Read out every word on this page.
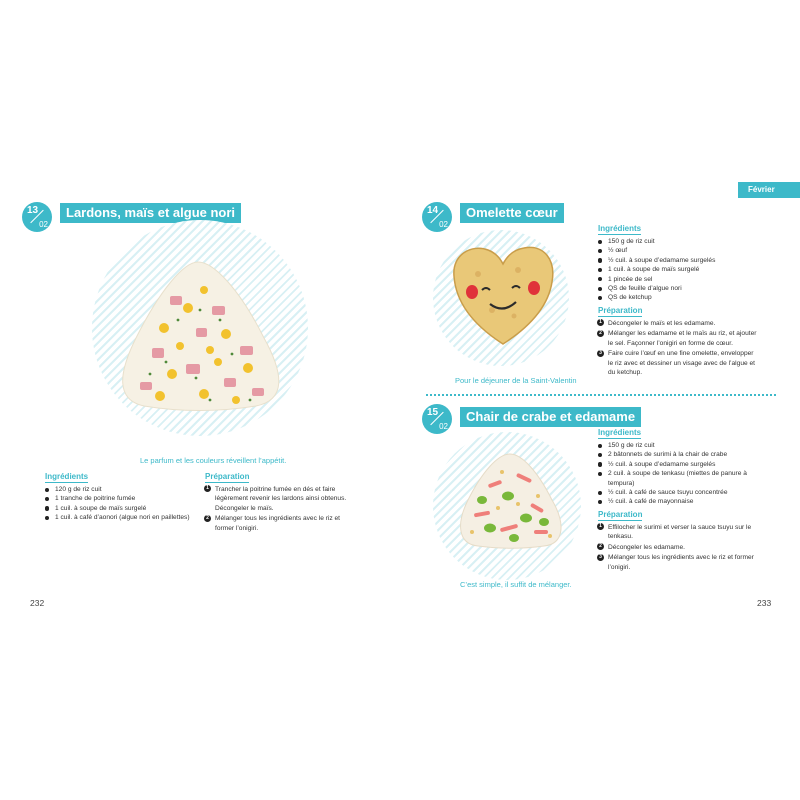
13
02
Lardons, maïs et algue nori
Le parfum et les couleurs réveillent l’appétit.
Ingrédients
120 g de riz cuit
1 tranche de poitrine fumée
1 cuil. à soupe de maïs surgelé
1 cuil. à café d’aonori (algue nori en paillettes)
Préparation
1 Trancher la poitrine fumée en dés et faire légèrement revenir les lardons ainsi obtenus. Décongeler le maïs.
2 Mélanger tous les ingrédients avec le riz et former l’onigiri.
232
Février
14
02
Omelette cœur
Pour le déjeuner de la Saint-Valentin
Ingrédients
150 g de riz cuit
½ œuf
½ cuil. à soupe d’edamame surgelés
1 cuil. à soupe de maïs surgelé
1 pincée de sel
QS de feuille d’algue nori
QS de ketchup
Préparation
1 Décongeler le maïs et les edamame.
2 Mélanger les edamame et le maïs au riz, et ajouter le sel. Façonner l’onigiri en forme de cœur.
3 Faire cuire l’œuf en une fine omelette, envelopper le riz avec et dessiner un visage avec de l’algue et du ketchup.
15
02
Chair de crabe et edamame
C’est simple, il suffit de mélanger.
Ingrédients
150 g de riz cuit
2 bâtonnets de surimi à la chair de crabe
½ cuil. à soupe d’edamame surgelés
2 cuil. à soupe de tenkasu (miettes de panure à tempura)
½ cuil. à café de sauce tsuyu concentrée
½ cuil. à café de mayonnaise
Préparation
1 Effilocher le surimi et verser la sauce tsuyu sur le tenkasu.
2 Décongeler les edamame.
3 Mélanger tous les ingrédients avec le riz et former l’onigiri.
233
